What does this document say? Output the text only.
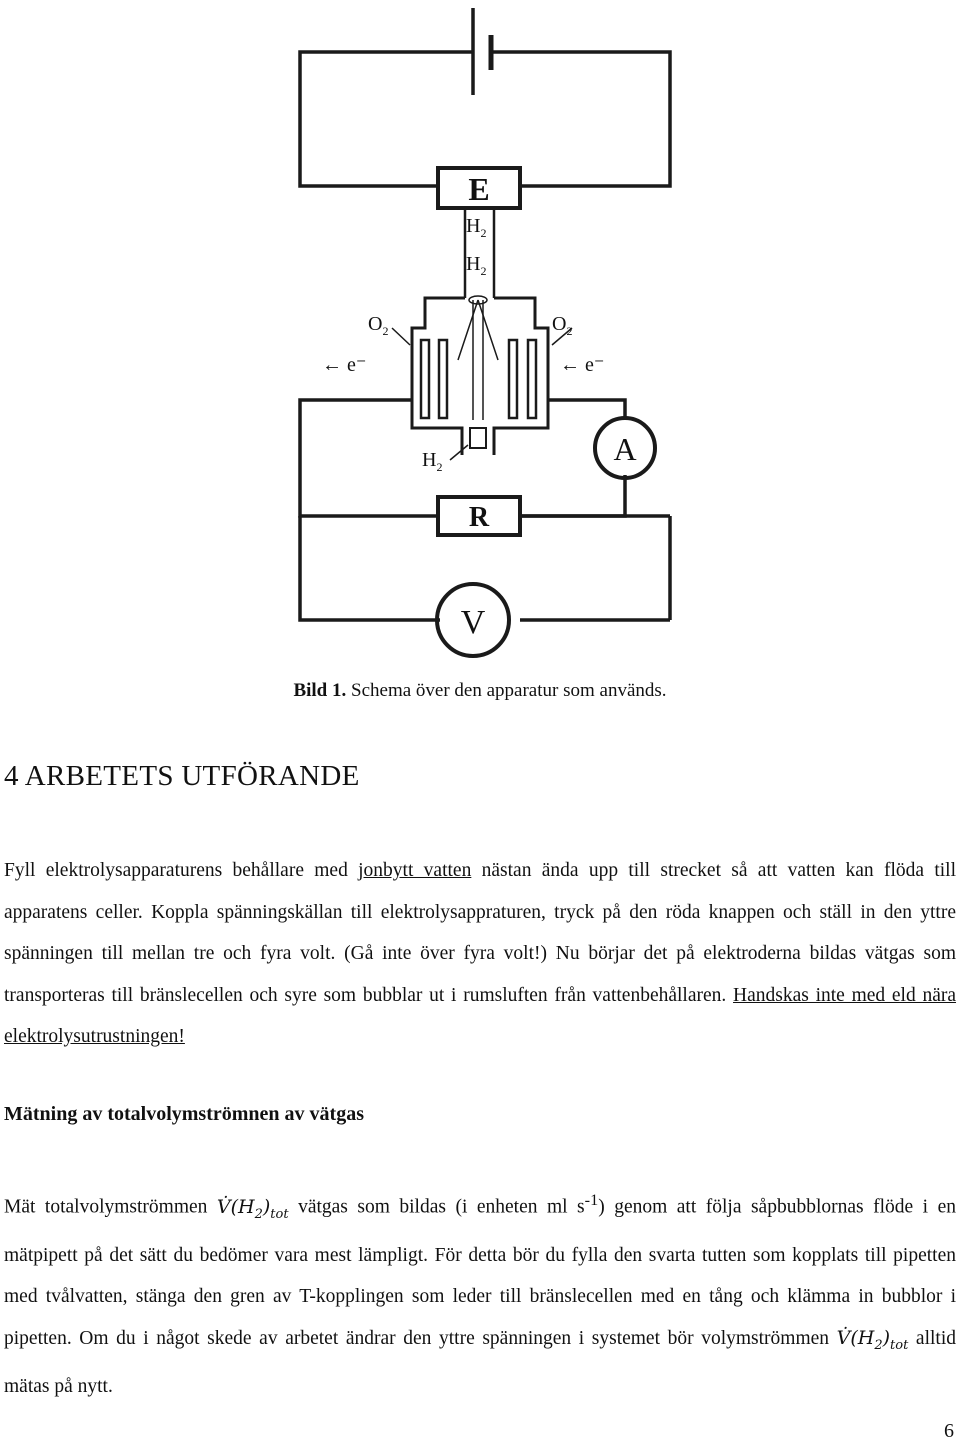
E
$H_2$
$H_2$
$O_2$	$O_2$
← e⁻	← e⁻
$H_2$	A
R
V
Bild 1. Schema över den apparatur som används.
4 ARBETETS UTFÖRANDE
Fyll elektrolysapparaturens behållare med jonbytt vatten nästan ända upp till strecket så att vatten kan flöda till apparatens celler. Koppla spänningskällan till elektrolysappraturen, tryck på den röda knappen och ställ in den yttre spänningen till mellan tre och fyra volt. (Gå inte över fyra volt!) Nu börjar det på elektroderna bildas vätgas som transporteras till bränslecellen och syre som bubblar ut i rumsluften från vattenbehållaren. Handskas inte med eld nära elektrolysutrustningen!
Mätning av totalvolymströmnen av vätgas
Mät totalvolymströmmen $V̇(H_2)_{tot}$ vätgas som bildas (i enheten ml $s^{-1}$) genom att följa såpbubblornas flöde i en mätpipett på det sätt du bedömer vara mest lämpligt. För detta bör du fylla den svarta tutten som kopplats till pipetten med tvålvatten, stänga den gren av T-kopplingen som leder till bränslecellen med en tång och klämma in bubblor i pipetten. Om du i något skede av arbetet ändrar den yttre spänningen i systemet bör volymströmmen $V̇(H_2)_{tot}$ alltid mätas på nytt.
6
